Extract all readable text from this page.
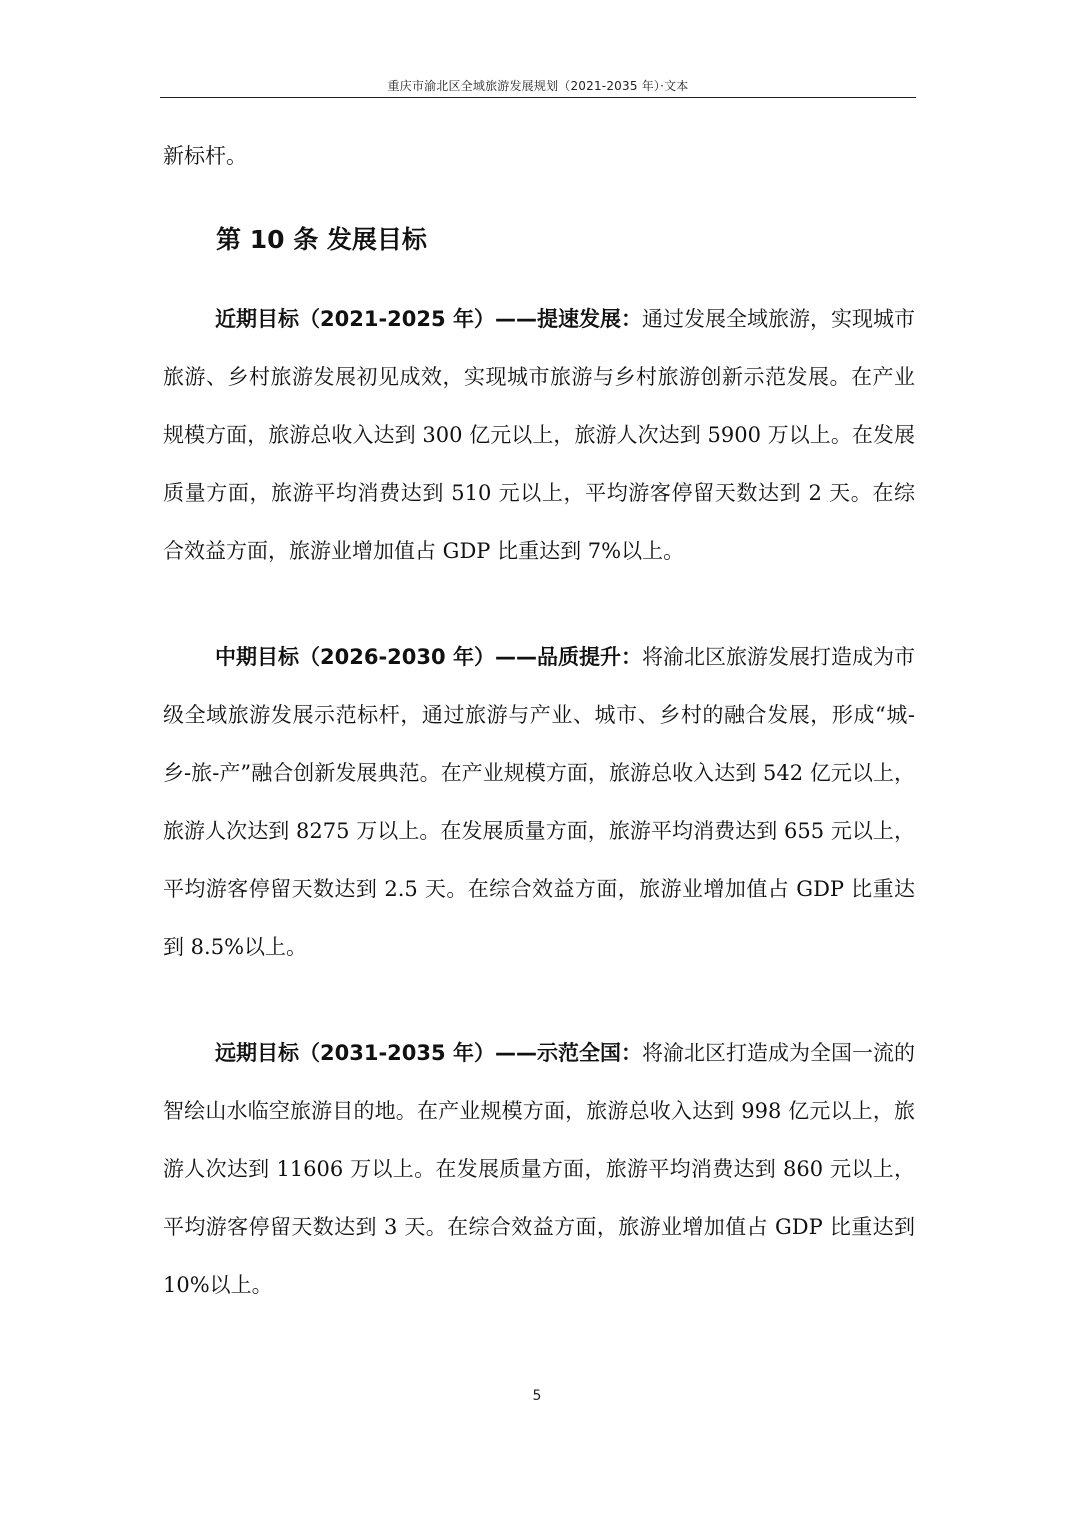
重庆市渝北区全域旅游发展规划（2021-2035 年）·文本
新标杆。
第 10 条 发展目标
近期目标（2021-2025 年）——提速发展：通过发展全域旅游，实现城市旅游、乡村旅游发展初见成效，实现城市旅游与乡村旅游创新示范发展。在产业规模方面，旅游总收入达到 300 亿元以上，旅游人次达到 5900 万以上。在发展质量方面，旅游平均消费达到 510 元以上，平均游客停留天数达到 2 天。在综合效益方面，旅游业增加值占 GDP 比重达到 7%以上。
中期目标（2026-2030 年）——品质提升：将渝北区旅游发展打造成为市级全域旅游发展示范标杆，通过旅游与产业、城市、乡村的融合发展，形成“城-乡-旅-产”融合创新发展典范。在产业规模方面，旅游总收入达到 542 亿元以上，旅游人次达到 8275 万以上。在发展质量方面，旅游平均消费达到 655 元以上，平均游客停留天数达到 2.5 天。在综合效益方面，旅游业增加值占 GDP 比重达到 8.5%以上。
远期目标（2031-2035 年）——示范全国：将渝北区打造成为全国一流的智绘山水临空旅游目的地。在产业规模方面，旅游总收入达到 998 亿元以上，旅游人次达到 11606 万以上。在发展质量方面，旅游平均消费达到 860 元以上，平均游客停留天数达到 3 天。在综合效益方面，旅游业增加值占 GDP 比重达到 10%以上。
5
